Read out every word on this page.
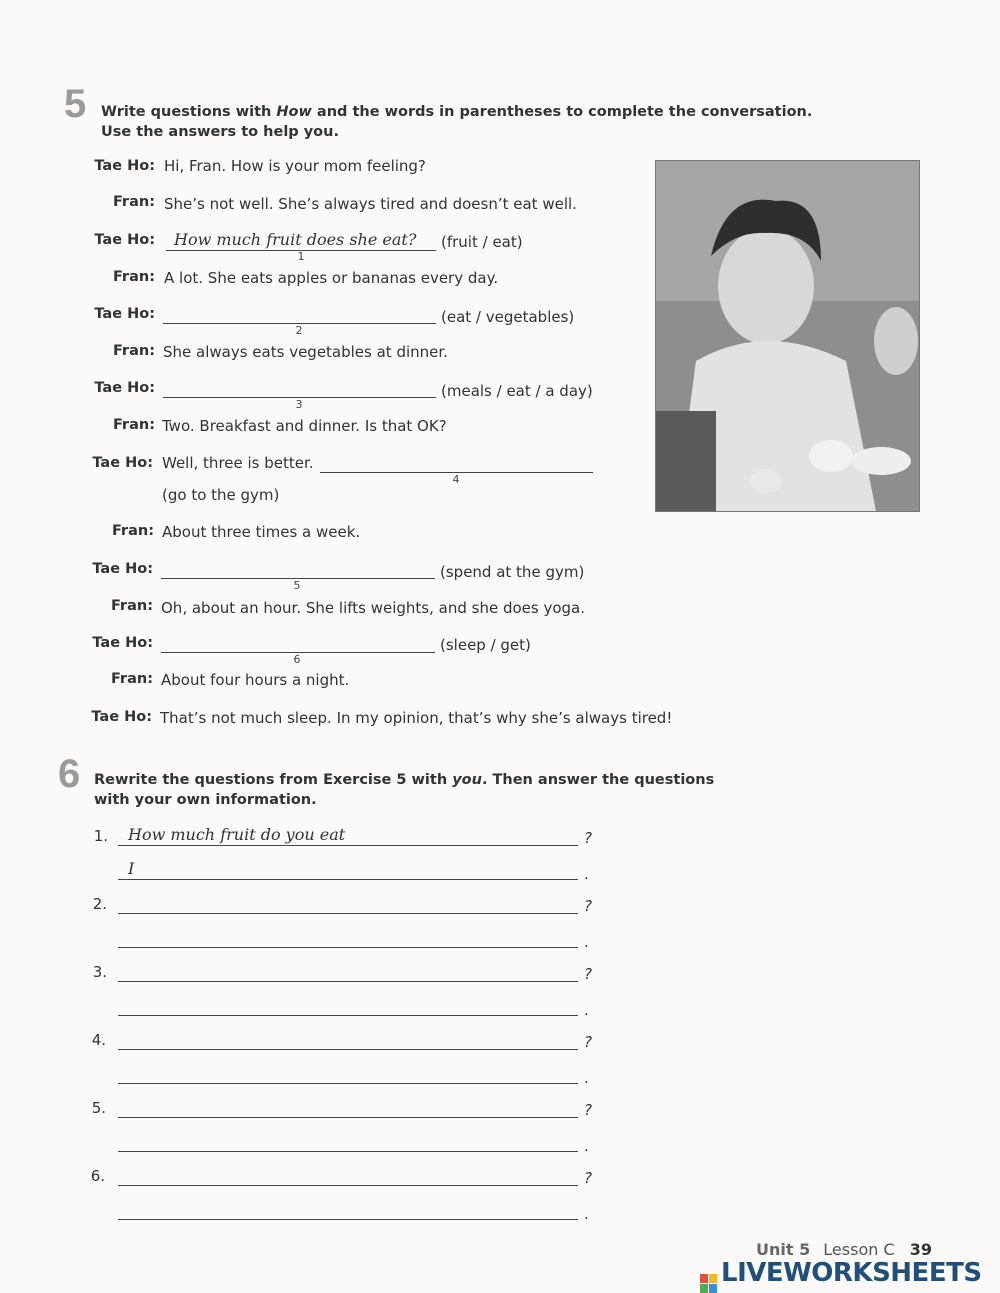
5 Write questions with How and the words in parentheses to complete the conversation.
Use the answers to help you.
Tae Ho: Hi, Fran. How is your mom feeling?
Fran: She’s not well. She’s always tired and doesn’t eat well.
Tae Ho: How much fruit does she eat?
1
(fruit / eat)
Fran: A lot. She eats apples or bananas every day.
Tae Ho:
2
(eat / vegetables)
Fran: She always eats vegetables at dinner.
Tae Ho:
3
(meals / eat / a day)
Fran: Two. Breakfast and dinner. Is that OK?
Tae Ho: Well, three is better.
4
(go to the gym)
Fran: About three times a week.
Tae Ho:
5
(spend at the gym)
Fran: Oh, about an hour. She lifts weights, and she does yoga.
Tae Ho:
6
(sleep / get)
Fran: About four hours a night.
Tae Ho: That’s not much sleep. In my opinion, that’s why she’s always tired!
6 Rewrite the questions from Exercise 5 with you. Then answer the questions
with your own information.
1. How much fruit do you eat	?
I	.
2.	?
.
3.	?
.
4.	?
.
5.	?
.
6.	?
.
Unit 5 Lesson C 39
LIVEWORKSHEETS
